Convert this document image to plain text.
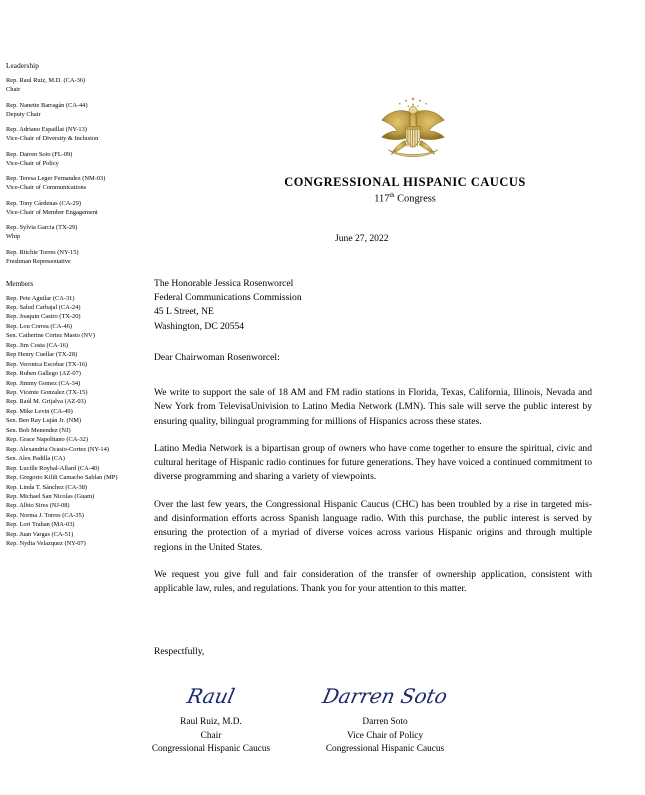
CONGRESSIONAL HISPANIC CAUCUS
117th Congress
June 27, 2022
Leadership
Rep. Raul Ruiz, M.D. (CA-36)
Chair
Rep. Nanette Barragán (CA-44)
Deputy Chair
Rep. Adriano Espaillat (NY-13)
Vice-Chair of Diversity & Inclusion
Rep. Darren Soto (FL-09)
Vice-Chair of Policy
Rep. Teresa Leger Fernandez (NM-03)
Vice-Chair of Communications
Rep. Tony Cárdenas (CA-29)
Vice-Chair of Member Engagement
Rep. Sylvia Garcia (TX-29)
Whip
Rep. Ritchie Torres (NY-15)
Freshman Representative
Members
Rep. Pete Aguilar (CA-31)
Rep. Salud Carbajal (CA-24)
Rep. Joaquin Castro (TX-20)
Rep. Lou Correa (CA-46)
Sen. Catherine Cortez Masto (NV)
Rep. Jim Costa (CA-16)
Rep Henry Cuellar (TX-28)
Rep. Veronica Escobar (TX-16)
Rep. Ruben Gallego (AZ-07)
Rep. Jimmy Gomez (CA-34)
Rep. Vicente Gonzalez (TX-15)
Rep. Raúl M. Grijalva (AZ-03)
Rep. Mike Levin (CA-49)
Sen. Ben Ray Luján Jr. (NM)
Sen. Bob Menendez (NJ)
Rep. Grace Napolitano (CA-32)
Rep. Alexandria Ocasio-Cortez (NY-14)
Sen. Alex Padilla (CA)
Rep. Lucille Roybal-Allard (CA-40)
Rep. Gregorio Kilili Camacho Sablan (MP)
Rep. Linda T. Sánchez (CA-38)
Rep. Michael San Nicolas (Guam)
Rep. Albio Sires (NJ-08)
Rep. Norma J. Torres (CA-35)
Rep. Lori Trahan (MA-03)
Rep. Juan Vargas (CA-51)
Rep. Nydia Velazquez (NY-07)
The Honorable Jessica Rosenworcel
Federal Communications Commission
45 L Street, NE
Washington, DC 20554
Dear Chairwoman Rosenworcel:

We write to support the sale of 18 AM and FM radio stations in Florida, Texas, California, Illinois, Nevada and New York from TelevisaUnivision to Latino Media Network (LMN). This sale will serve the public interest by ensuring quality, bilingual programming for millions of Hispanics across these states.

Latino Media Network is a bipartisan group of owners who have come together to ensure the spiritual, civic and cultural heritage of Hispanic radio continues for future generations. They have voiced a continued commitment to diverse programming and sharing a variety of viewpoints.

Over the last few years, the Congressional Hispanic Caucus (CHC) has been troubled by a rise in targeted mis- and disinformation efforts across Spanish language radio. With this purchase, the public interest is served by ensuring the protection of a myriad of diverse voices across various Hispanic origins and through multiple regions in the United States.

We request you give full and fair consideration of the transfer of ownership application, consistent with applicable law, rules, and regulations. Thank you for your attention to this matter.

Respectfully,
Raul
Raul Ruiz, M.D.
Chair
Congressional Hispanic Caucus
Darren Soto
Darren Soto
Vice Chair of Policy
Congressional Hispanic Caucus
